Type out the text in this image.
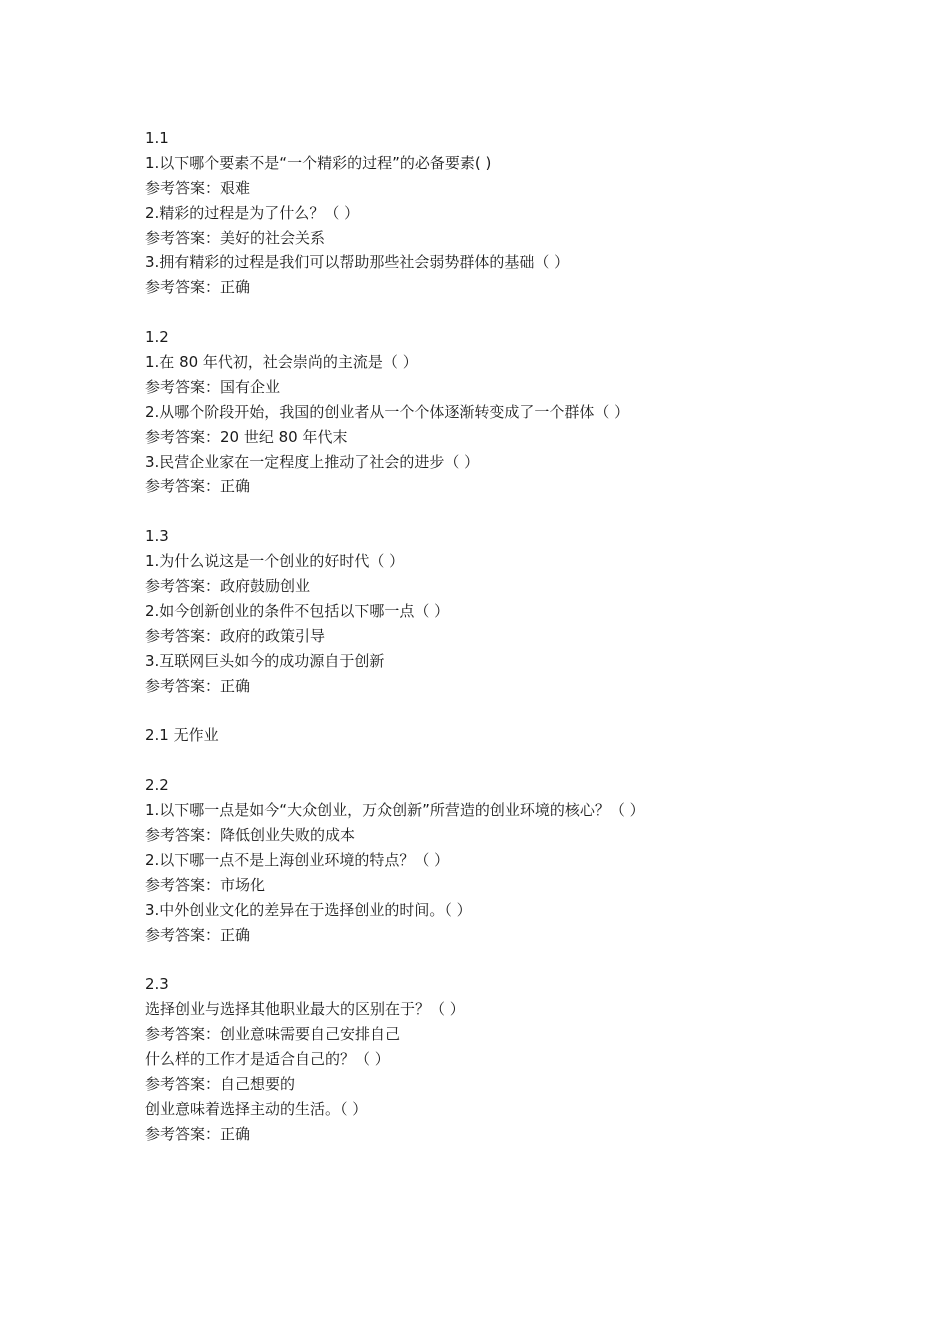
1.1
1.以下哪个要素不是“一个精彩的过程”的必备要素( )
参考答案：艰难
2.精彩的过程是为了什么？（ ）
参考答案：美好的社会关系
3.拥有精彩的过程是我们可以帮助那些社会弱势群体的基础（ ）
参考答案：正确
1.2
1.在 80 年代初，社会崇尚的主流是（ ）
参考答案：国有企业
2.从哪个阶段开始，我国的创业者从一个个体逐渐转变成了一个群体（ ）
参考答案：20 世纪 80 年代末
3.民营企业家在一定程度上推动了社会的进步（ ）
参考答案：正确
1.3
1.为什么说这是一个创业的好时代（ ）
参考答案：政府鼓励创业
2.如今创新创业的条件不包括以下哪一点（ ）
参考答案：政府的政策引导
3.互联网巨头如今的成功源自于创新
参考答案：正确
2.1 无作业
2.2
1.以下哪一点是如今“大众创业，万众创新”所营造的创业环境的核心？（ ）
参考答案：降低创业失败的成本
2.以下哪一点不是上海创业环境的特点？（ ）
参考答案：市场化
3.中外创业文化的差异在于选择创业的时间。（ ）
参考答案：正确
2.3
选择创业与选择其他职业最大的区别在于？（ ）
参考答案：创业意味需要自己安排自己
什么样的工作才是适合自己的？（ ）
参考答案：自己想要的
创业意味着选择主动的生活。（ ）
参考答案：正确
